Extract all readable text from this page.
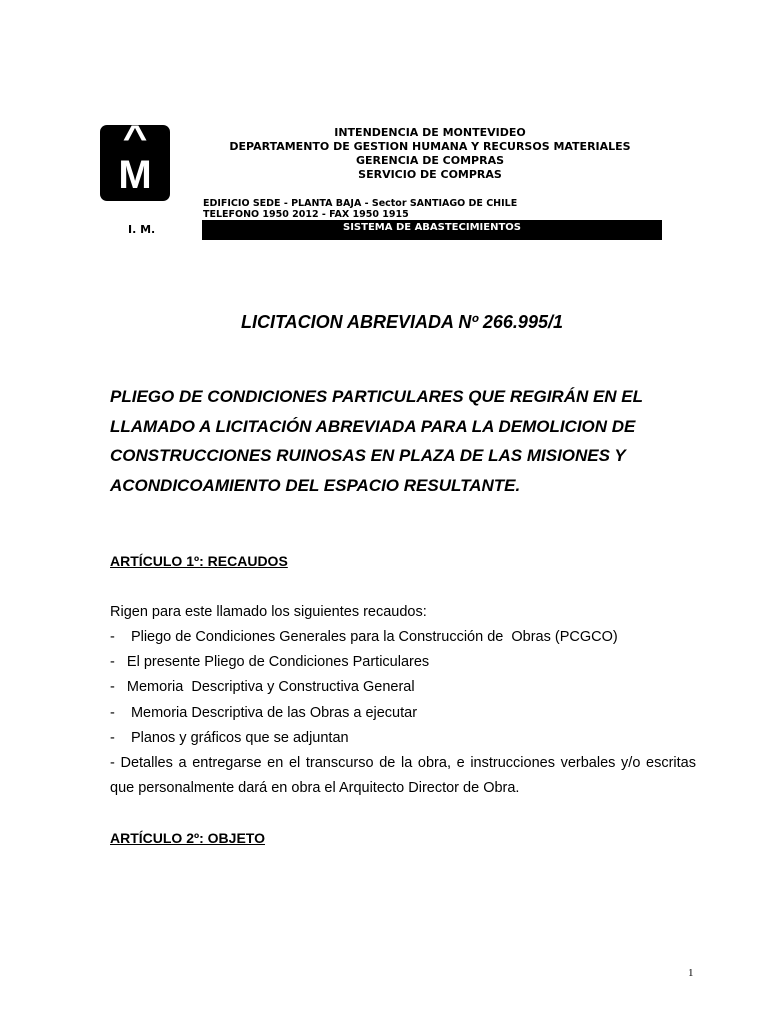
^
M
I. M.
INTENDENCIA DE MONTEVIDEO
DEPARTAMENTO DE GESTION HUMANA Y RECURSOS MATERIALES
GERENCIA DE COMPRAS
SERVICIO DE COMPRAS
EDIFICIO SEDE - PLANTA BAJA - Sector SANTIAGO DE CHILE
TELEFONO 1950 2012 - FAX 1950 1915
SISTEMA DE ABASTECIMIENTOS
LICITACION ABREVIADA Nº 266.995/1
PLIEGO DE CONDICIONES PARTICULARES QUE REGIRÁN EN EL
LLAMADO A LICITACIÓN ABREVIADA PARA LA DEMOLICION DE
CONSTRUCCIONES RUINOSAS EN PLAZA DE LAS MISIONES Y
ACONDICOAMIENTO DEL ESPACIO RESULTANTE.
ARTÍCULO 1º: RECAUDOS
Rigen para este llamado los siguientes recaudos:
-    Pliego de Condiciones Generales para la Construcción de  Obras (PCGCO)
-   El presente Pliego de Condiciones Particulares
-   Memoria  Descriptiva y Constructiva General
-    Memoria Descriptiva de las Obras a ejecutar
-    Planos y gráficos que se adjuntan
- Detalles a entregarse en el transcurso de la obra, e instrucciones verbales y/o escritas que personalmente dará en obra el Arquitecto Director de Obra.
ARTÍCULO 2º: OBJETO
1
